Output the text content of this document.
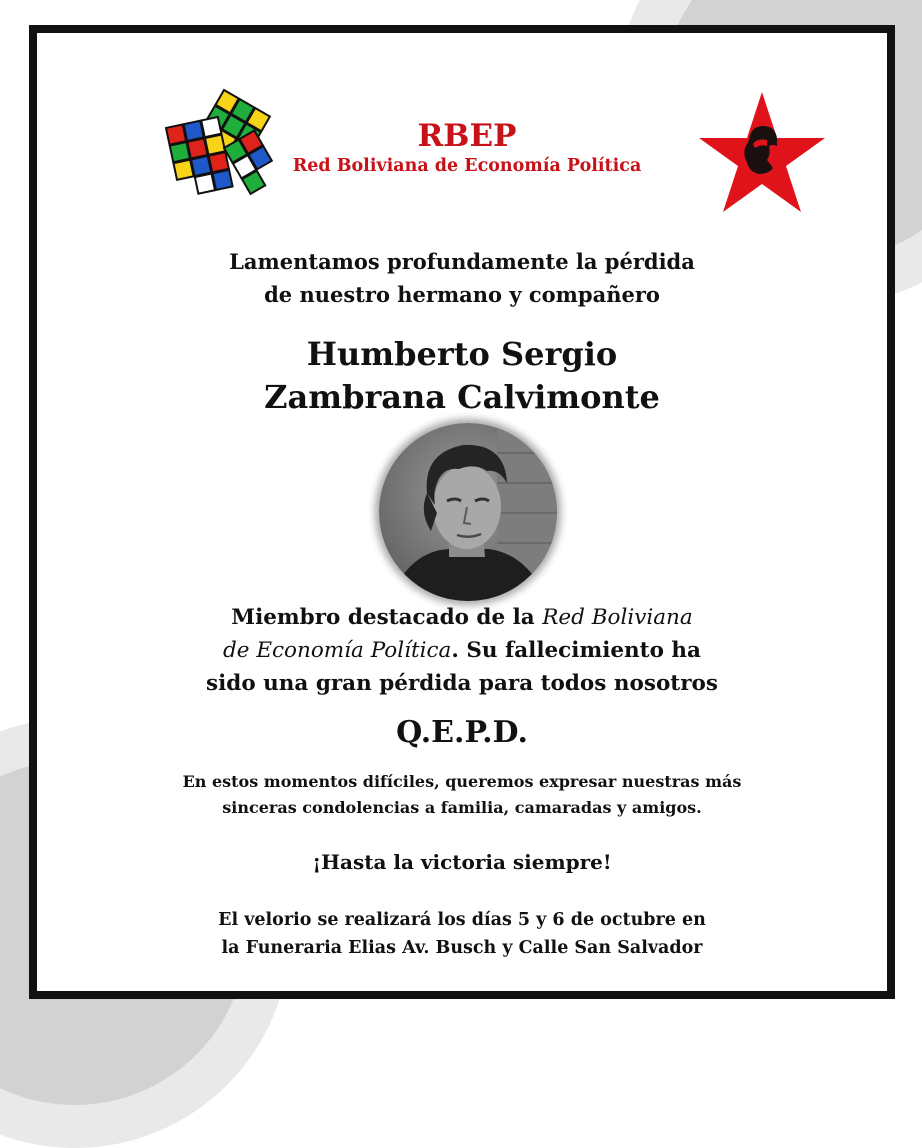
RBEP
Red Boliviana de Economía Política
Lamentamos profundamente la pérdida
de nuestro hermano y compañero
Humberto Sergio
Zambrana Calvimonte
Miembro destacado de la Red Boliviana
de Economía Política. Su fallecimiento ha
sido una gran pérdida para todos nosotros
Q.E.P.D.
En estos momentos difíciles, queremos expresar nuestras más
sinceras condolencias a familia, camaradas y amigos.
¡Hasta la victoria siempre!
El velorio se realizará los días 5 y 6 de octubre en
la Funeraria Elias Av. Busch y Calle San Salvador
